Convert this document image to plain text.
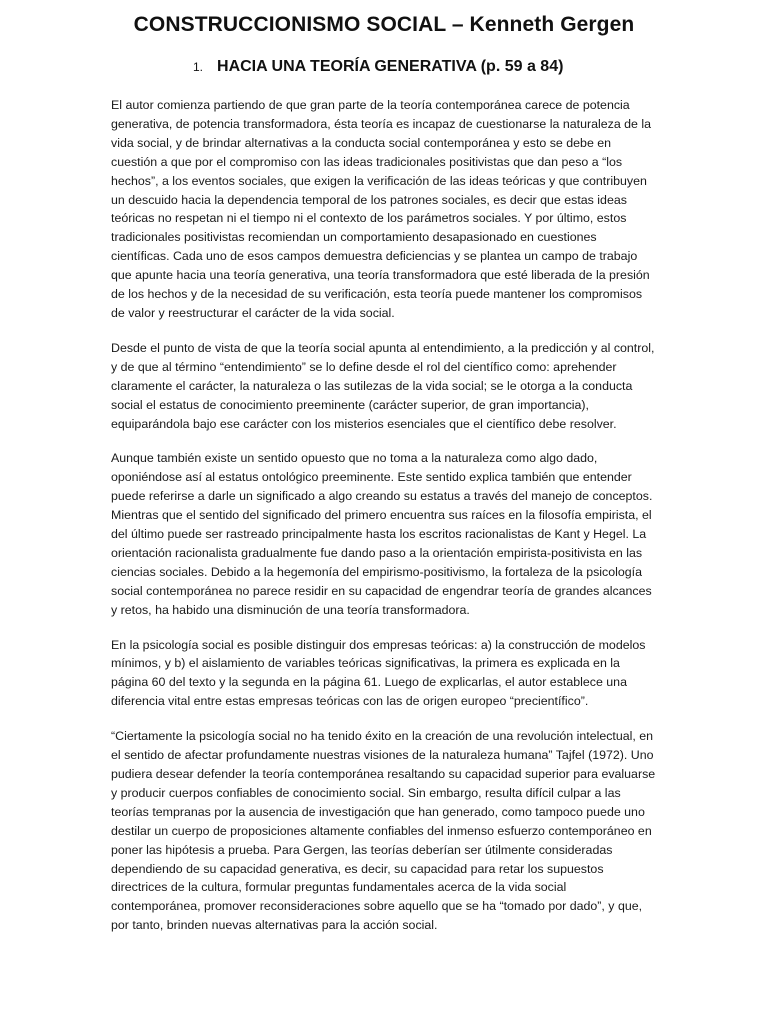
CONSTRUCCIONISMO SOCIAL – Kenneth Gergen
1. HACIA UNA TEORÍA GENERATIVA (p. 59 a 84)

El autor comienza partiendo de que gran parte de la teoría contemporánea carece de potencia generativa, de potencia transformadora, ésta teoría es incapaz de cuestionarse la naturaleza de la vida social, y de brindar alternativas a la conducta social contemporánea y esto se debe en cuestión a que por el compromiso con las ideas tradicionales positivistas que dan peso a “los hechos”, a los eventos sociales, que exigen la verificación de las ideas teóricas y que contribuyen un descuido hacia la dependencia temporal de los patrones sociales, es decir que estas ideas teóricas no respetan ni el tiempo ni el contexto de los parámetros sociales. Y por último, estos tradicionales positivistas recomiendan un comportamiento desapasionado en cuestiones científicas. Cada uno de esos campos demuestra deficiencias y se plantea un campo de trabajo que apunte hacia una teoría generativa, una teoría transformadora que esté liberada de la presión de los hechos y de la necesidad de su verificación, esta teoría puede mantener los compromisos de valor y reestructurar el carácter de la vida social.

Desde el punto de vista de que la teoría social apunta al entendimiento, a la predicción y al control, y de que al término “entendimiento” se lo define desde el rol del científico como: aprehender claramente el carácter, la naturaleza o las sutilezas de la vida social; se le otorga a la conducta social el estatus de conocimiento preeminente (carácter superior, de gran importancia), equiparándola bajo ese carácter con los misterios esenciales que el científico debe resolver.

Aunque también existe un sentido opuesto que no toma a la naturaleza como algo dado, oponiéndose así al estatus ontológico preeminente. Este sentido explica también que entender puede referirse a darle un significado a algo creando su estatus a través del manejo de conceptos. Mientras que el sentido del significado del primero encuentra sus raíces en la filosofía empirista, el del último puede ser rastreado principalmente hasta los escritos racionalistas de Kant y Hegel. La orientación racionalista gradualmente fue dando paso a la orientación empirista-positivista en las ciencias sociales. Debido a la hegemonía del empirismo-positivismo, la fortaleza de la psicología social contemporánea no parece residir en su capacidad de engendrar teoría de grandes alcances y retos, ha habido una disminución de una teoría transformadora.

En la psicología social es posible distinguir dos empresas teóricas: a) la construcción de modelos mínimos, y b) el aislamiento de variables teóricas significativas, la primera es explicada en la página 60 del texto y la segunda en la página 61. Luego de explicarlas, el autor establece una diferencia vital entre estas empresas teóricas con las de origen europeo “precientífico”.

“Ciertamente la psicología social no ha tenido éxito en la creación de una revolución intelectual, en el sentido de afectar profundamente nuestras visiones de la naturaleza humana” Tajfel (1972). Uno pudiera desear defender la teoría contemporánea resaltando su capacidad superior para evaluarse y producir cuerpos confiables de conocimiento social. Sin embargo, resulta difícil culpar a las teorías tempranas por la ausencia de investigación que han generado, como tampoco puede uno destilar un cuerpo de proposiciones altamente confiables del inmenso esfuerzo contemporáneo en poner las hipótesis a prueba. Para Gergen, las teorías deberían ser útilmente consideradas dependiendo de su capacidad generativa, es decir, su capacidad para retar los supuestos directrices de la cultura, formular preguntas fundamentales acerca de la vida social contemporánea, promover reconsideraciones sobre aquello que se ha “tomado por dado”, y que, por tanto, brinden nuevas alternativas para la acción social.
